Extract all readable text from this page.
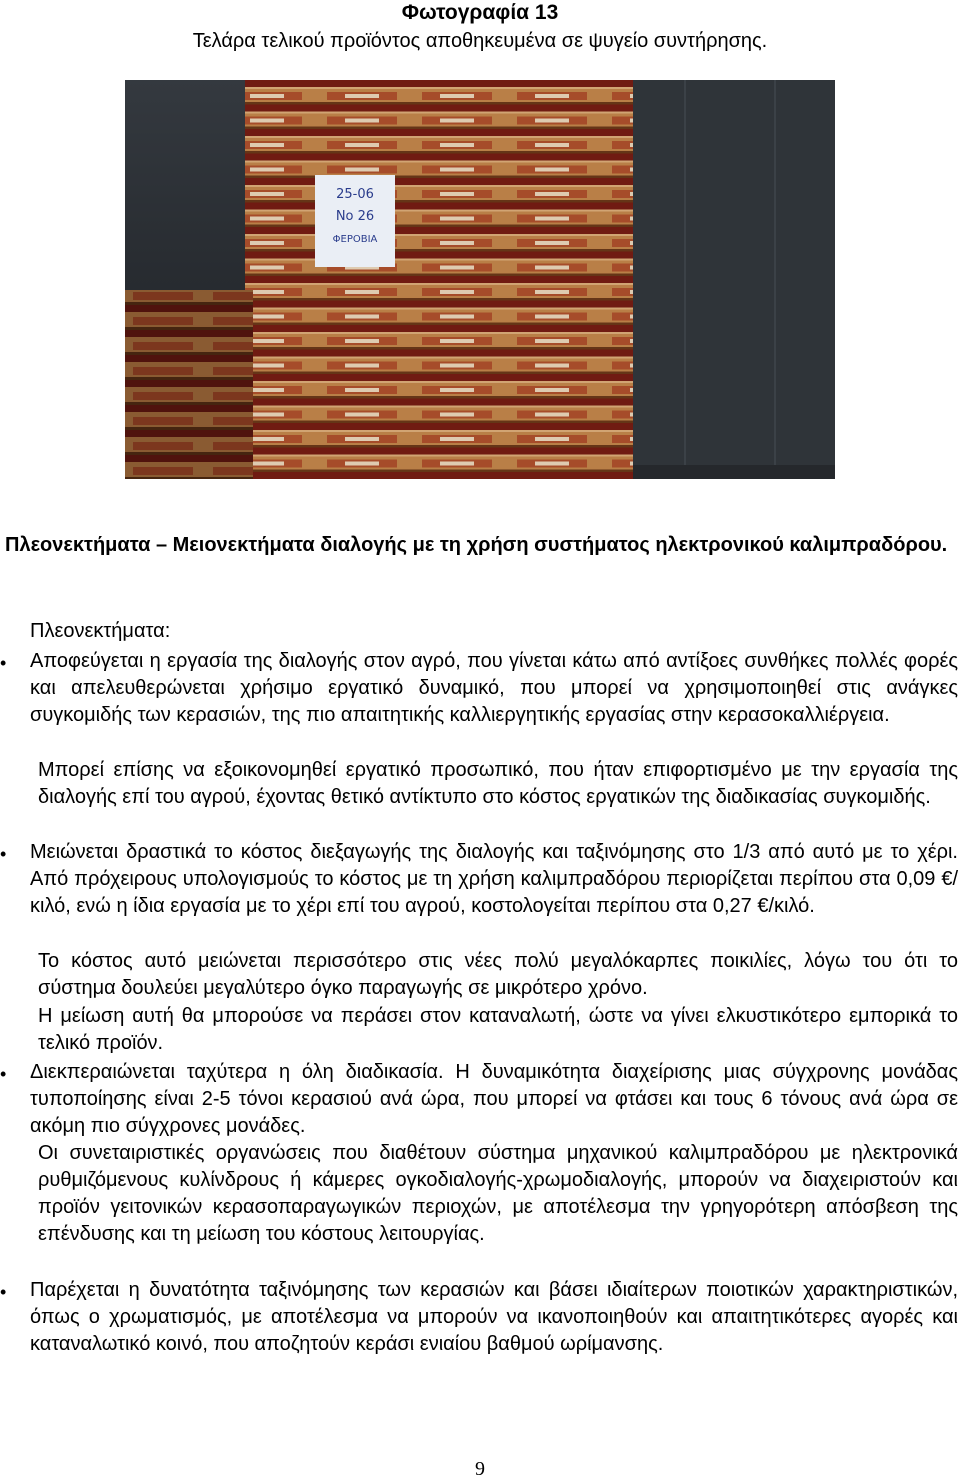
Φωτογραφία 13
Τελάρα τελικού προϊόντος αποθηκευμένα σε ψυγείο συντήρησης.
25-06
Νο 26
ΦΕΡΟΒΙΑ
Πλεονεκτήματα – Μειονεκτήματα διαλογής με τη χρήση συστήματος ηλεκτρονικού καλιμπραδόρου.
Πλεονεκτήματα:
• Αποφεύγεται η εργασία της διαλογής στον αγρό, που γίνεται κάτω από αντίξοες συνθήκες πολλές φορές και απελευθερώνεται χρήσιμο εργατικό δυναμικό, που μπορεί να χρησιμοποιηθεί στις ανάγκες συγκομιδής των κερασιών, της πιο απαιτητικής καλλιεργητικής εργασίας στην κερασοκαλλιέργεια.
Μπορεί επίσης να εξοικονομηθεί εργατικό προσωπικό, που ήταν επιφορτισμένο με την εργασία της διαλογής επί του αγρού, έχοντας θετικό αντίκτυπο στο κόστος εργατικών της διαδικασίας συγκομιδής.
• Μειώνεται δραστικά το κόστος διεξαγωγής της διαλογής και ταξινόμησης στο 1/3 από αυτό με το χέρι. Από πρόχειρους υπολογισμούς το κόστος με τη χρήση καλιμπραδόρου περιορίζεται περίπου στα 0,09 €/κιλό, ενώ η ίδια εργασία με το χέρι επί του αγρού, κοστολογείται περίπου στα 0,27 €/κιλό.
Το κόστος αυτό μειώνεται περισσότερο στις νέες πολύ μεγαλόκαρπες ποικιλίες, λόγω του ότι το σύστημα δουλεύει μεγαλύτερο όγκο παραγωγής σε μικρότερο χρόνο.
Η μείωση αυτή θα μπορούσε να περάσει στον καταναλωτή, ώστε να γίνει ελκυστικότερο εμπορικά το τελικό προϊόν.
• Διεκπεραιώνεται ταχύτερα η όλη διαδικασία. Η δυναμικότητα διαχείρισης μιας σύγχρονης μονάδας τυποποίησης είναι 2-5 τόνοι κερασιού ανά ώρα, που μπορεί να φτάσει και τους 6 τόνους ανά ώρα σε ακόμη πιο σύγχρονες μονάδες.
Οι συνεταιριστικές οργανώσεις που διαθέτουν σύστημα μηχανικού καλιμπραδόρου με ηλεκτρονικά ρυθμιζόμενους κυλίνδρους ή κάμερες ογκοδιαλογής-χρωμοδιαλογής, μπορούν να διαχειριστούν και προϊόν γειτονικών κερασοπαραγωγικών περιοχών, με αποτέλεσμα την γρηγορότερη απόσβεση της επένδυσης και τη μείωση του κόστους λειτουργίας.
• Παρέχεται η δυνατότητα ταξινόμησης των κερασιών και βάσει ιδιαίτερων ποιοτικών χαρακτηριστικών, όπως ο χρωματισμός, με αποτέλεσμα να μπορούν να ικανοποιηθούν και απαιτητικότερες αγορές και καταναλωτικό κοινό, που αποζητούν κεράσι ενιαίου βαθμού ωρίμανσης.
9
